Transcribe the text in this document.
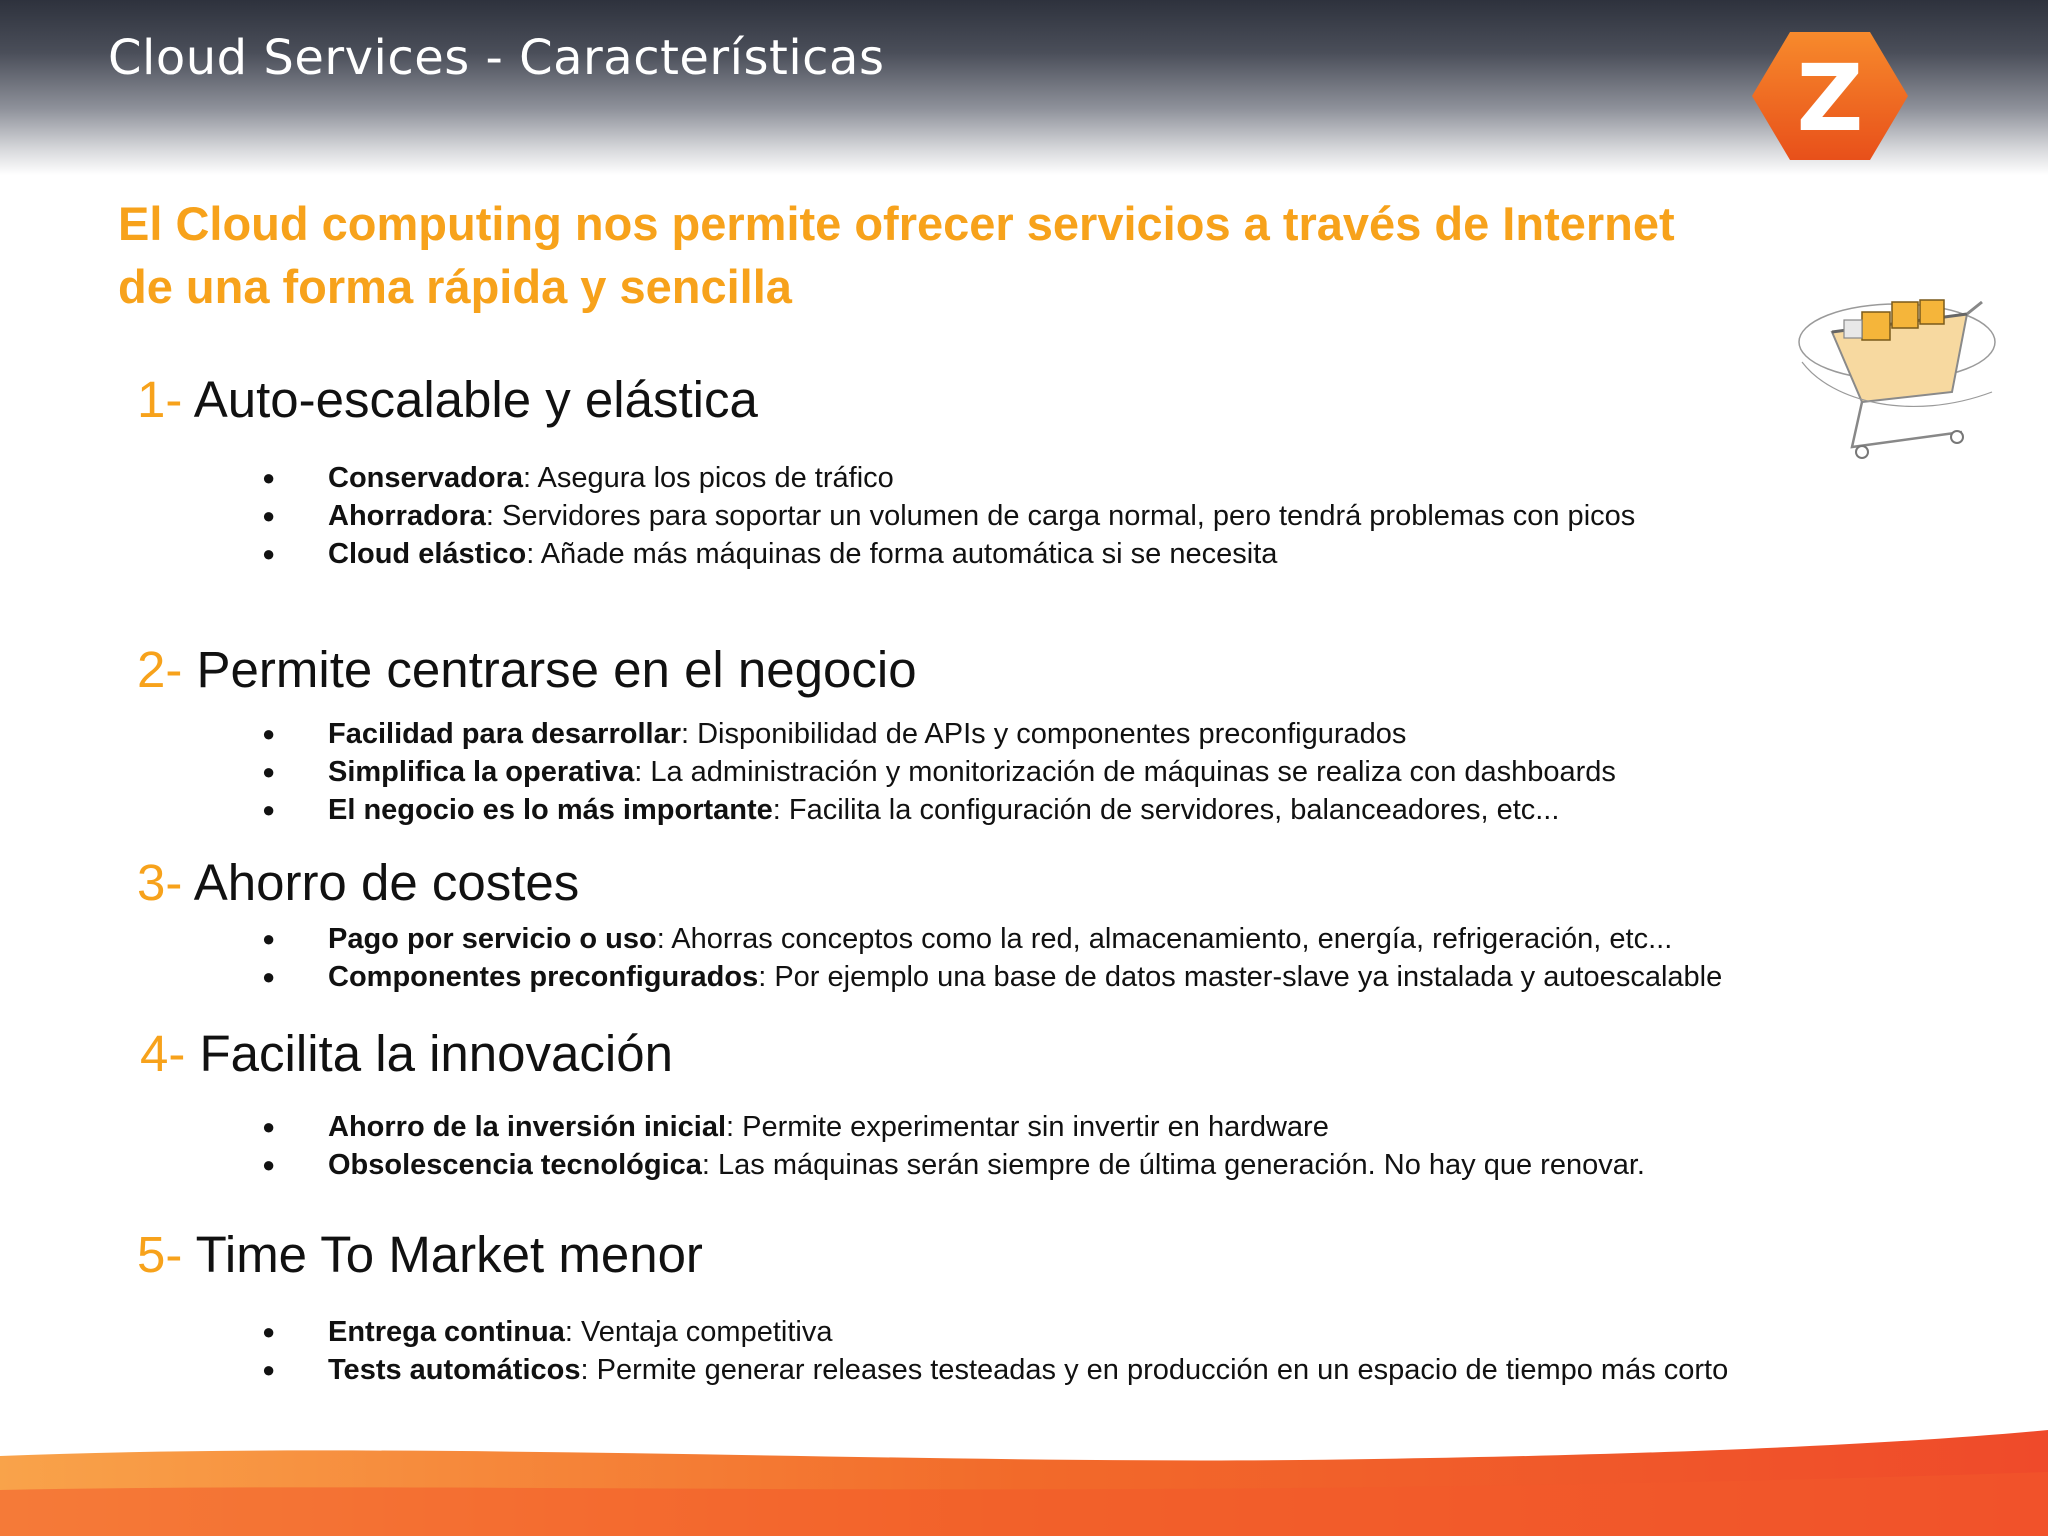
Cloud Services - Características	Z
El Cloud computing nos permite ofrecer servicios a través de Internet de una forma rápida y sencilla
1- Auto-escalable y elástica
● Conservadora: Asegura los picos de tráfico
● Ahorradora: Servidores para soportar un volumen de carga normal, pero tendrá problemas con picos
● Cloud elástico: Añade más máquinas de forma automática si se necesita
2- Permite centrarse en el negocio
● Facilidad para desarrollar: Disponibilidad de APIs y componentes preconfigurados
● Simplifica la operativa: La administración y monitorización de máquinas se realiza con dashboards
● El negocio es lo más importante: Facilita la configuración de servidores, balanceadores, etc...
3- Ahorro de costes
● Pago por servicio o uso: Ahorras conceptos como la red, almacenamiento, energía, refrigeración, etc...
● Componentes preconfigurados: Por ejemplo una base de datos master-slave ya instalada y autoescalable
4- Facilita la innovación
● Ahorro de la inversión inicial: Permite experimentar sin invertir en hardware
● Obsolescencia tecnológica: Las máquinas serán siempre de última generación. No hay que renovar.
5- Time To Market menor
● Entrega continua: Ventaja competitiva
● Tests automáticos: Permite generar releases testeadas y en producción en un espacio de tiempo más corto
